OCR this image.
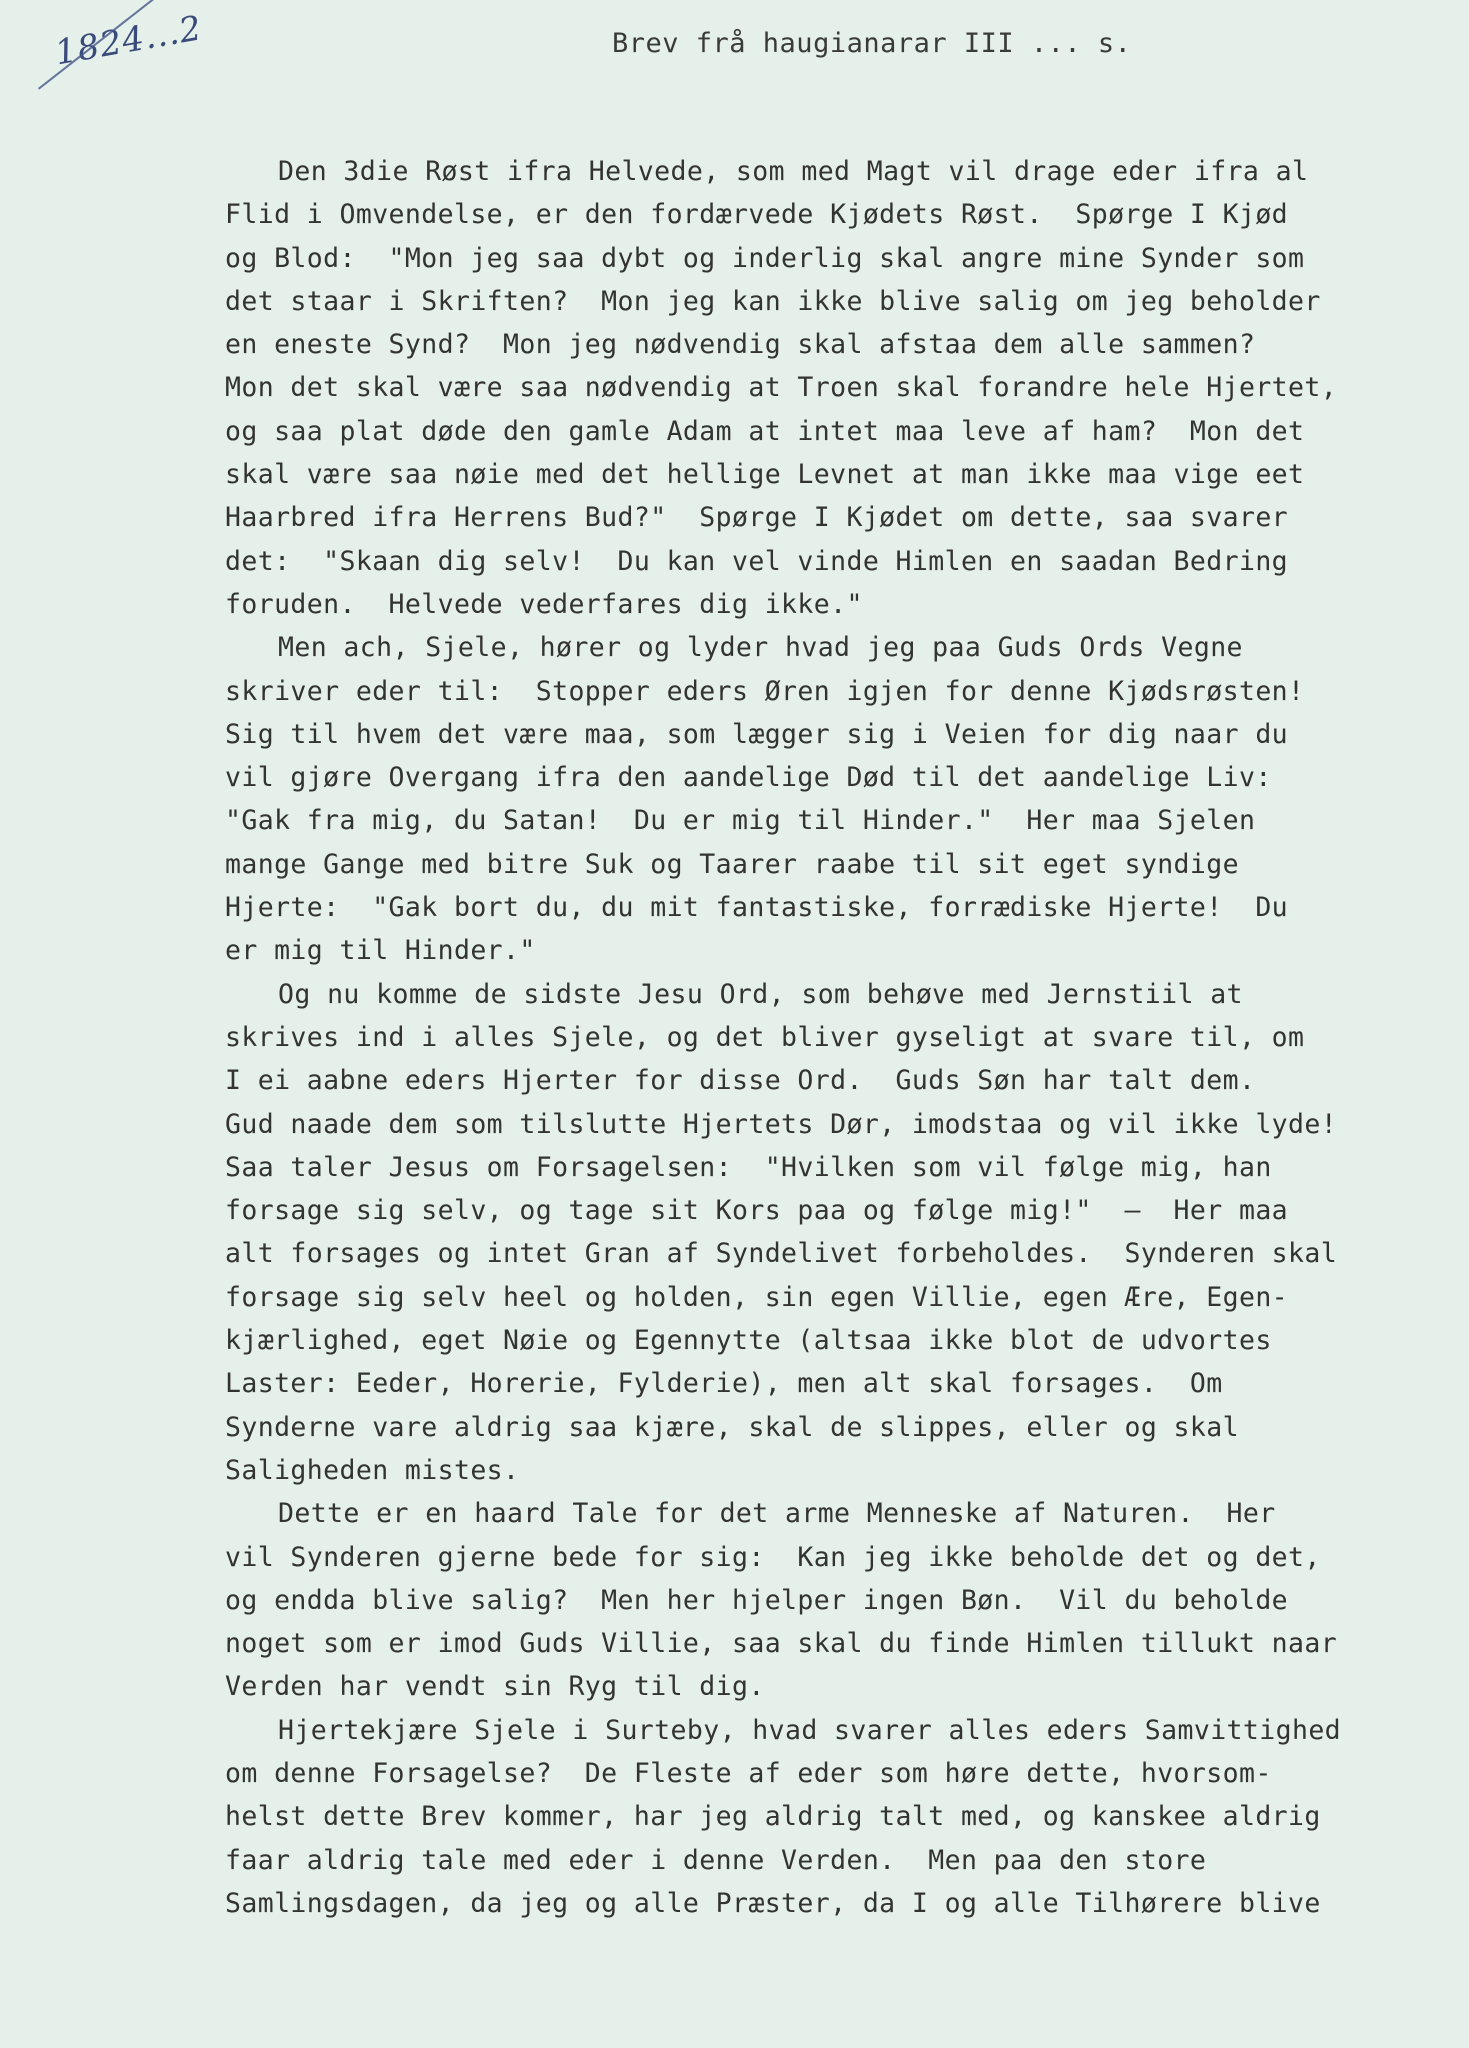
1824...2	Brev frå haugianarar III ... s.
Den 3die Røst ifra Helvede, som med Magt vil drage eder ifra al
Flid i Omvendelse, er den fordærvede Kjødets Røst.  Spørge I Kjød
og Blod:  "Mon jeg saa dybt og inderlig skal angre mine Synder som
det staar i Skriften?  Mon jeg kan ikke blive salig om jeg beholder
en eneste Synd?  Mon jeg nødvendig skal afstaa dem alle sammen?
Mon det skal være saa nødvendig at Troen skal forandre hele Hjertet,
og saa plat døde den gamle Adam at intet maa leve af ham?  Mon det
skal være saa nøie med det hellige Levnet at man ikke maa vige eet
Haarbred ifra Herrens Bud?"  Spørge I Kjødet om dette, saa svarer
det:  "Skaan dig selv!  Du kan vel vinde Himlen en saadan Bedring
foruden.  Helvede vederfares dig ikke."
Men ach, Sjele, hører og lyder hvad jeg paa Guds Ords Vegne
skriver eder til:  Stopper eders Øren igjen for denne Kjødsrøsten!
Sig til hvem det være maa, som lægger sig i Veien for dig naar du
vil gjøre Overgang ifra den aandelige Død til det aandelige Liv:
"Gak fra mig, du Satan!  Du er mig til Hinder."  Her maa Sjelen
mange Gange med bitre Suk og Taarer raabe til sit eget syndige
Hjerte:  "Gak bort du, du mit fantastiske, forrædiske Hjerte!  Du
er mig til Hinder."
Og nu komme de sidste Jesu Ord, som behøve med Jernstiil at
skrives ind i alles Sjele, og det bliver gyseligt at svare til, om
I ei aabne eders Hjerter for disse Ord.  Guds Søn har talt dem.
Gud naade dem som tilslutte Hjertets Dør, imodstaa og vil ikke lyde!
Saa taler Jesus om Forsagelsen:  "Hvilken som vil følge mig, han
forsage sig selv, og tage sit Kors paa og følge mig!"  —  Her maa
alt forsages og intet Gran af Syndelivet forbeholdes.  Synderen skal
forsage sig selv heel og holden, sin egen Villie, egen Ære, Egen-
kjærlighed, eget Nøie og Egennytte (altsaa ikke blot de udvortes
Laster: Eeder, Horerie, Fylderie), men alt skal forsages.  Om
Synderne vare aldrig saa kjære, skal de slippes, eller og skal
Saligheden mistes.
Dette er en haard Tale for det arme Menneske af Naturen.  Her
vil Synderen gjerne bede for sig:  Kan jeg ikke beholde det og det,
og endda blive salig?  Men her hjelper ingen Bøn.  Vil du beholde
noget som er imod Guds Villie, saa skal du finde Himlen tillukt naar
Verden har vendt sin Ryg til dig.
Hjertekjære Sjele i Surteby, hvad svarer alles eders Samvittighed
om denne Forsagelse?  De Fleste af eder som høre dette, hvorsom-
helst dette Brev kommer, har jeg aldrig talt med, og kanskee aldrig
faar aldrig tale med eder i denne Verden.  Men paa den store
Samlingsdagen, da jeg og alle Præster, da I og alle Tilhørere blive
